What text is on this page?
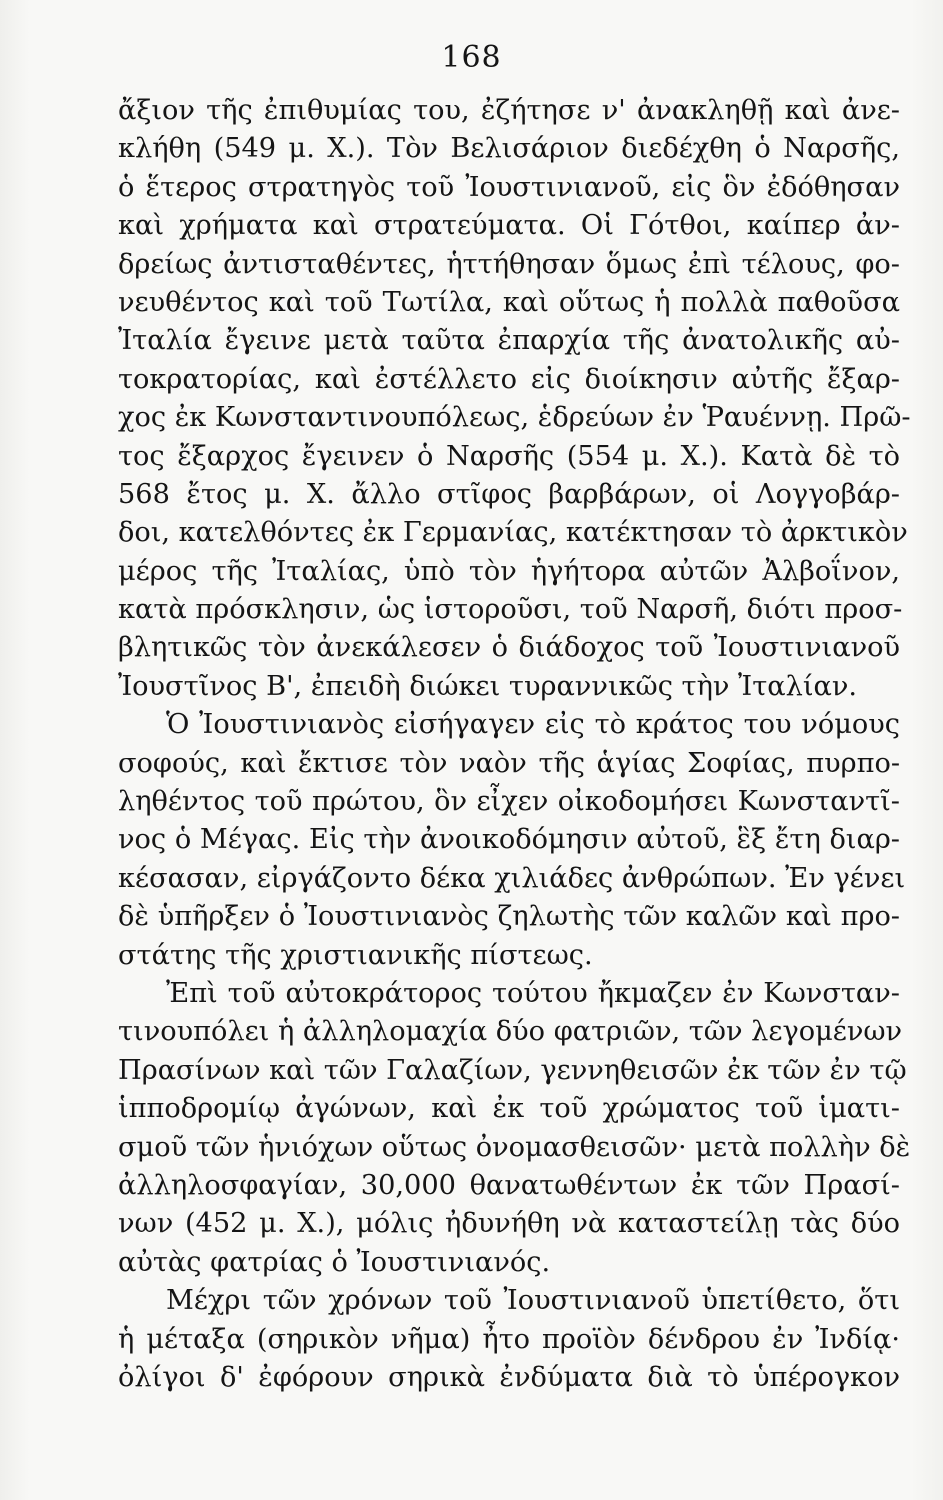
168
ἄξιον τῆς ἐπιθυμίας του, ἐζήτησε ν' ἀνακληθῇ καὶ ἀνε-
κλήθη (549 μ. Χ.). Τὸν Βελισάριον διεδέχθη ὁ Ναρσῆς,
ὁ ἕτερος στρατηγὸς τοῦ Ἰουστινιανοῦ, εἰς ὃν ἐδόθησαν
καὶ χρήματα καὶ στρατεύματα. Οἱ Γότθοι, καίπερ ἀν-
δρείως ἀντισταθέντες, ἡττήθησαν ὅμως ἐπὶ τέλους, φο-
νευθέντος καὶ τοῦ Τωτίλα, καὶ οὕτως ἡ πολλὰ παθοῦσα
Ἰταλία ἔγεινε μετὰ ταῦτα ἐπαρχία τῆς ἀνατολικῆς αὐ-
τοκρατορίας, καὶ ἐστέλλετο εἰς διοίκησιν αὐτῆς ἔξαρ-
χος ἐκ Κωνσταντινουπόλεως, ἑδρεύων ἐν Ῥαυέννῃ. Πρῶ-
τος ἔξαρχος ἔγεινεν ὁ Ναρσῆς (554 μ. Χ.). Κατὰ δὲ τὸ
568 ἔτος μ. Χ. ἄλλο στῖφος βαρβάρων, οἱ Λογγοβάρ-
δοι, κατελθόντες ἐκ Γερμανίας, κατέκτησαν τὸ ἀρκτικὸν
μέρος τῆς Ἰταλίας, ὑπὸ τὸν ἡγήτορα αὐτῶν Ἀλβοΐνον,
κατὰ πρόσκλησιν, ὡς ἱστοροῦσι, τοῦ Ναρσῆ, διότι προσ-
βλητικῶς τὸν ἀνεκάλεσεν ὁ διάδοχος τοῦ Ἰουστινιανοῦ
Ἰουστῖνος Β', ἐπειδὴ διώκει τυραννικῶς τὴν Ἰταλίαν.
Ὁ Ἰουστινιανὸς εἰσήγαγεν εἰς τὸ κράτος του νόμους
σοφούς, καὶ ἔκτισε τὸν ναὸν τῆς ἁγίας Σοφίας, πυρπο-
ληθέντος τοῦ πρώτου, ὃν εἶχεν οἰκοδομήσει Κωνσταντῖ-
νος ὁ Μέγας. Εἰς τὴν ἀνοικοδόμησιν αὐτοῦ, ἓξ ἔτη διαρ-
κέσασαν, εἰργάζοντο δέκα χιλιάδες ἀνθρώπων. Ἐν γένει
δὲ ὑπῆρξεν ὁ Ἰουστινιανὸς ζηλωτὴς τῶν καλῶν καὶ προ-
στάτης τῆς χριστιανικῆς πίστεως.
Ἐπὶ τοῦ αὐτοκράτορος τούτου ἤκμαζεν ἐν Κωνσταν-
τινουπόλει ἡ ἀλληλομαχία δύο φατριῶν, τῶν λεγομένων
Πρασίνων καὶ τῶν Γαλαζίων, γεννηθεισῶν ἐκ τῶν ἐν τῷ
ἱπποδρομίῳ ἀγώνων, καὶ ἐκ τοῦ χρώματος τοῦ ἱματι-
σμοῦ τῶν ἡνιόχων οὕτως ὀνομασθεισῶν· μετὰ πολλὴν δὲ
ἀλληλοσφαγίαν, 30,000 θανατωθέντων ἐκ τῶν Πρασί-
νων (452 μ. Χ.), μόλις ἠδυνήθη νὰ καταστείλῃ τὰς δύο
αὐτὰς φατρίας ὁ Ἰουστινιανός.
Μέχρι τῶν χρόνων τοῦ Ἰουστινιανοῦ ὑπετίθετο, ὅτι
ἡ μέταξα (σηρικὸν νῆμα) ἦτο προϊὸν δένδρου ἐν Ἰνδίᾳ·
ὀλίγοι δ' ἐφόρουν σηρικὰ ἐνδύματα διὰ τὸ ὑπέρογκον
